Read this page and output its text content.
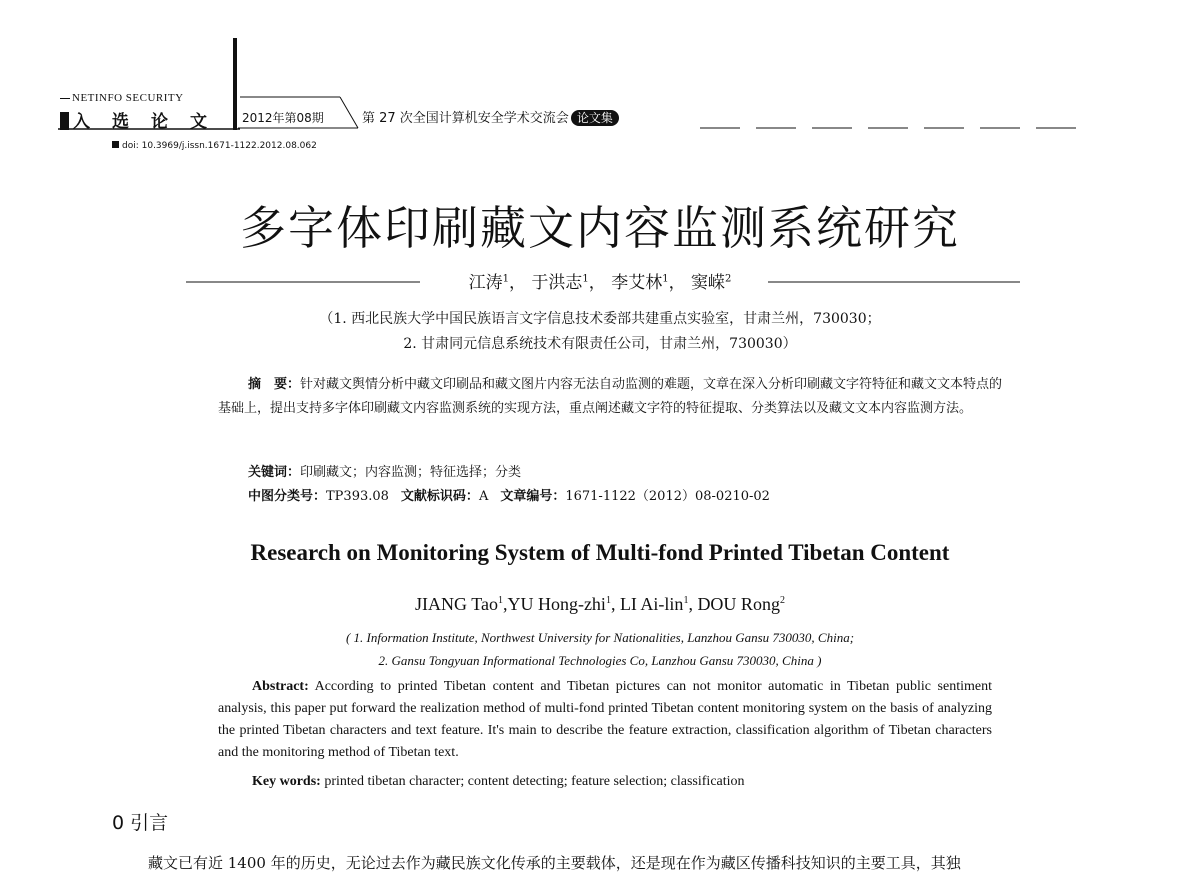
NETINFO SECURITY
入 选 论 文	2012年第08期	第 27 次全国计算机安全学术交流会 论文集
doi: 10.3969/j.issn.1671-1122.2012.08.062
多字体印刷藏文内容监测系统研究
江涛$^1$， 于洪志$^1$， 李艾林$^1$， 窦嵘$^2$
（1. 西北民族大学中国民族语言文字信息技术委部共建重点实验室，甘肃兰州，730030；
2. 甘肃同元信息系统技术有限责任公司，甘肃兰州，730030）

摘　要：针对藏文舆情分析中藏文印刷品和藏文图片内容无法自动监测的难题，文章在深入分析印刷藏文字符特征和藏文文本特点的基础上，提出支持多字体印刷藏文内容监测系统的实现方法，重点阐述藏文字符的特征提取、分类算法以及藏文文本内容监测方法。

关键词：印刷藏文；内容监测；特征选择；分类
中图分类号：TP393.08 文献标识码：A 文章编号：1671-1122（2012）08-0210-02
Research on Monitoring System of Multi-fond Printed Tibetan Content
JIANG Tao$^1$,YU Hong-zhi$^1$, LI Ai-lin$^1$, DOU Rong$^2$
( 1. Information Institute, Northwest University for Nationalities, Lanzhou Gansu 730030, China;
2. Gansu Tongyuan Informational Technologies Co, Lanzhou Gansu 730030, China )
Abstract: According to printed Tibetan content and Tibetan pictures can not monitor automatic in Tibetan public sentiment analysis, this paper put forward the realization method of multi-fond printed Tibetan content monitoring system on the basis of analyzing the printed Tibetan characters and text feature. It's main to describe the feature extraction, classification algorithm of Tibetan characters and the monitoring method of Tibetan text.
Key words: printed tibetan character; content detecting; feature selection; classification
0 引言
藏文已有近 1400 年的历史，无论过去作为藏民族文化传承的主要载体，还是现在作为藏区传播科技知识的主要工具，其独
